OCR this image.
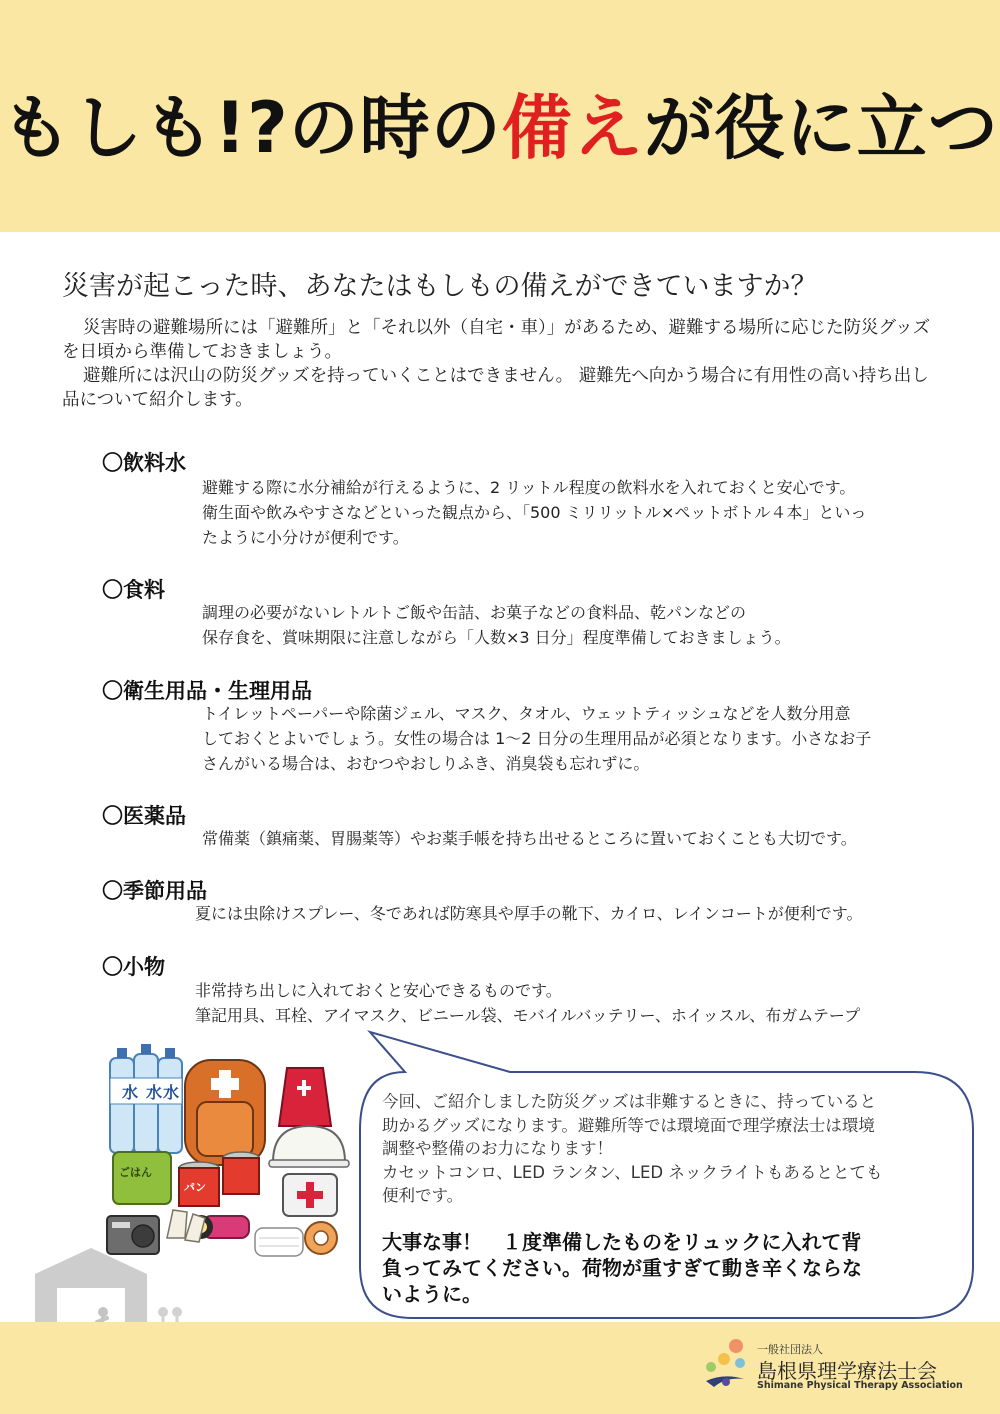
もしも!?の時の備えが役に立つ
災害が起こった時、あなたはもしもの備えができていますか？

災害時の避難場所には「避難所」と「それ以外（自宅・車）」があるため、避難する場所に応じた防災グッズを日頃から準備しておきましょう。

避難所には沢山の防災グッズを持っていくことはできません。 避難先へ向かう場合に有用性の高い持ち出し品について紹介します。

〇飲料水
避難する際に水分補給が行えるように、2 リットル程度の飲料水を入れておくと安心です。
衛生面や飲みやすさなどといった観点から、「500 ミリリットル×ペットボトル４本」といっ
たように小分けが便利です。
〇食料
調理の必要がないレトルトご飯や缶詰、お菓子などの食料品、乾パンなどの
保存食を、賞味期限に注意しながら「人数×3 日分」程度準備しておきましょう。
〇衛生用品・生理用品
トイレットペーパーや除菌ジェル、マスク、タオル、ウェットティッシュなどを人数分用意
しておくとよいでしょう。女性の場合は 1～2 日分の生理用品が必須となります。小さなお子
さんがいる場合は、おむつやおしりふき、消臭袋も忘れずに。
〇医薬品
常備薬（鎮痛薬、胃腸薬等）やお薬手帳を持ち出せるところに置いておくことも大切です。
〇季節用品
夏には虫除けスプレー、冬であれば防寒具や厚手の靴下、カイロ、レインコートが便利です。
〇小物
非常持ち出しに入れておくと安心できるものです。
筆記用具、耳栓、アイマスク、ビニール袋、モバイルバッテリー、ホイッスル、布ガムテープ
水 水 水
ごはん
パン
今回、ご紹介しました防災グッズは非難するときに、持っていると
助かるグッズになります。避難所等では環境面で理学療法士は環境
調整や整備のお力になります！
カセットコンロ、LED ランタン、LED ネックライトもあるととても
便利です。
大事な事！　１度準備したものをリュックに入れて背
負ってみてください。荷物が重すぎて動き辛くならな
いように。
一般社団法人
島根県理学療法士会
Shimane Physical Therapy Association
